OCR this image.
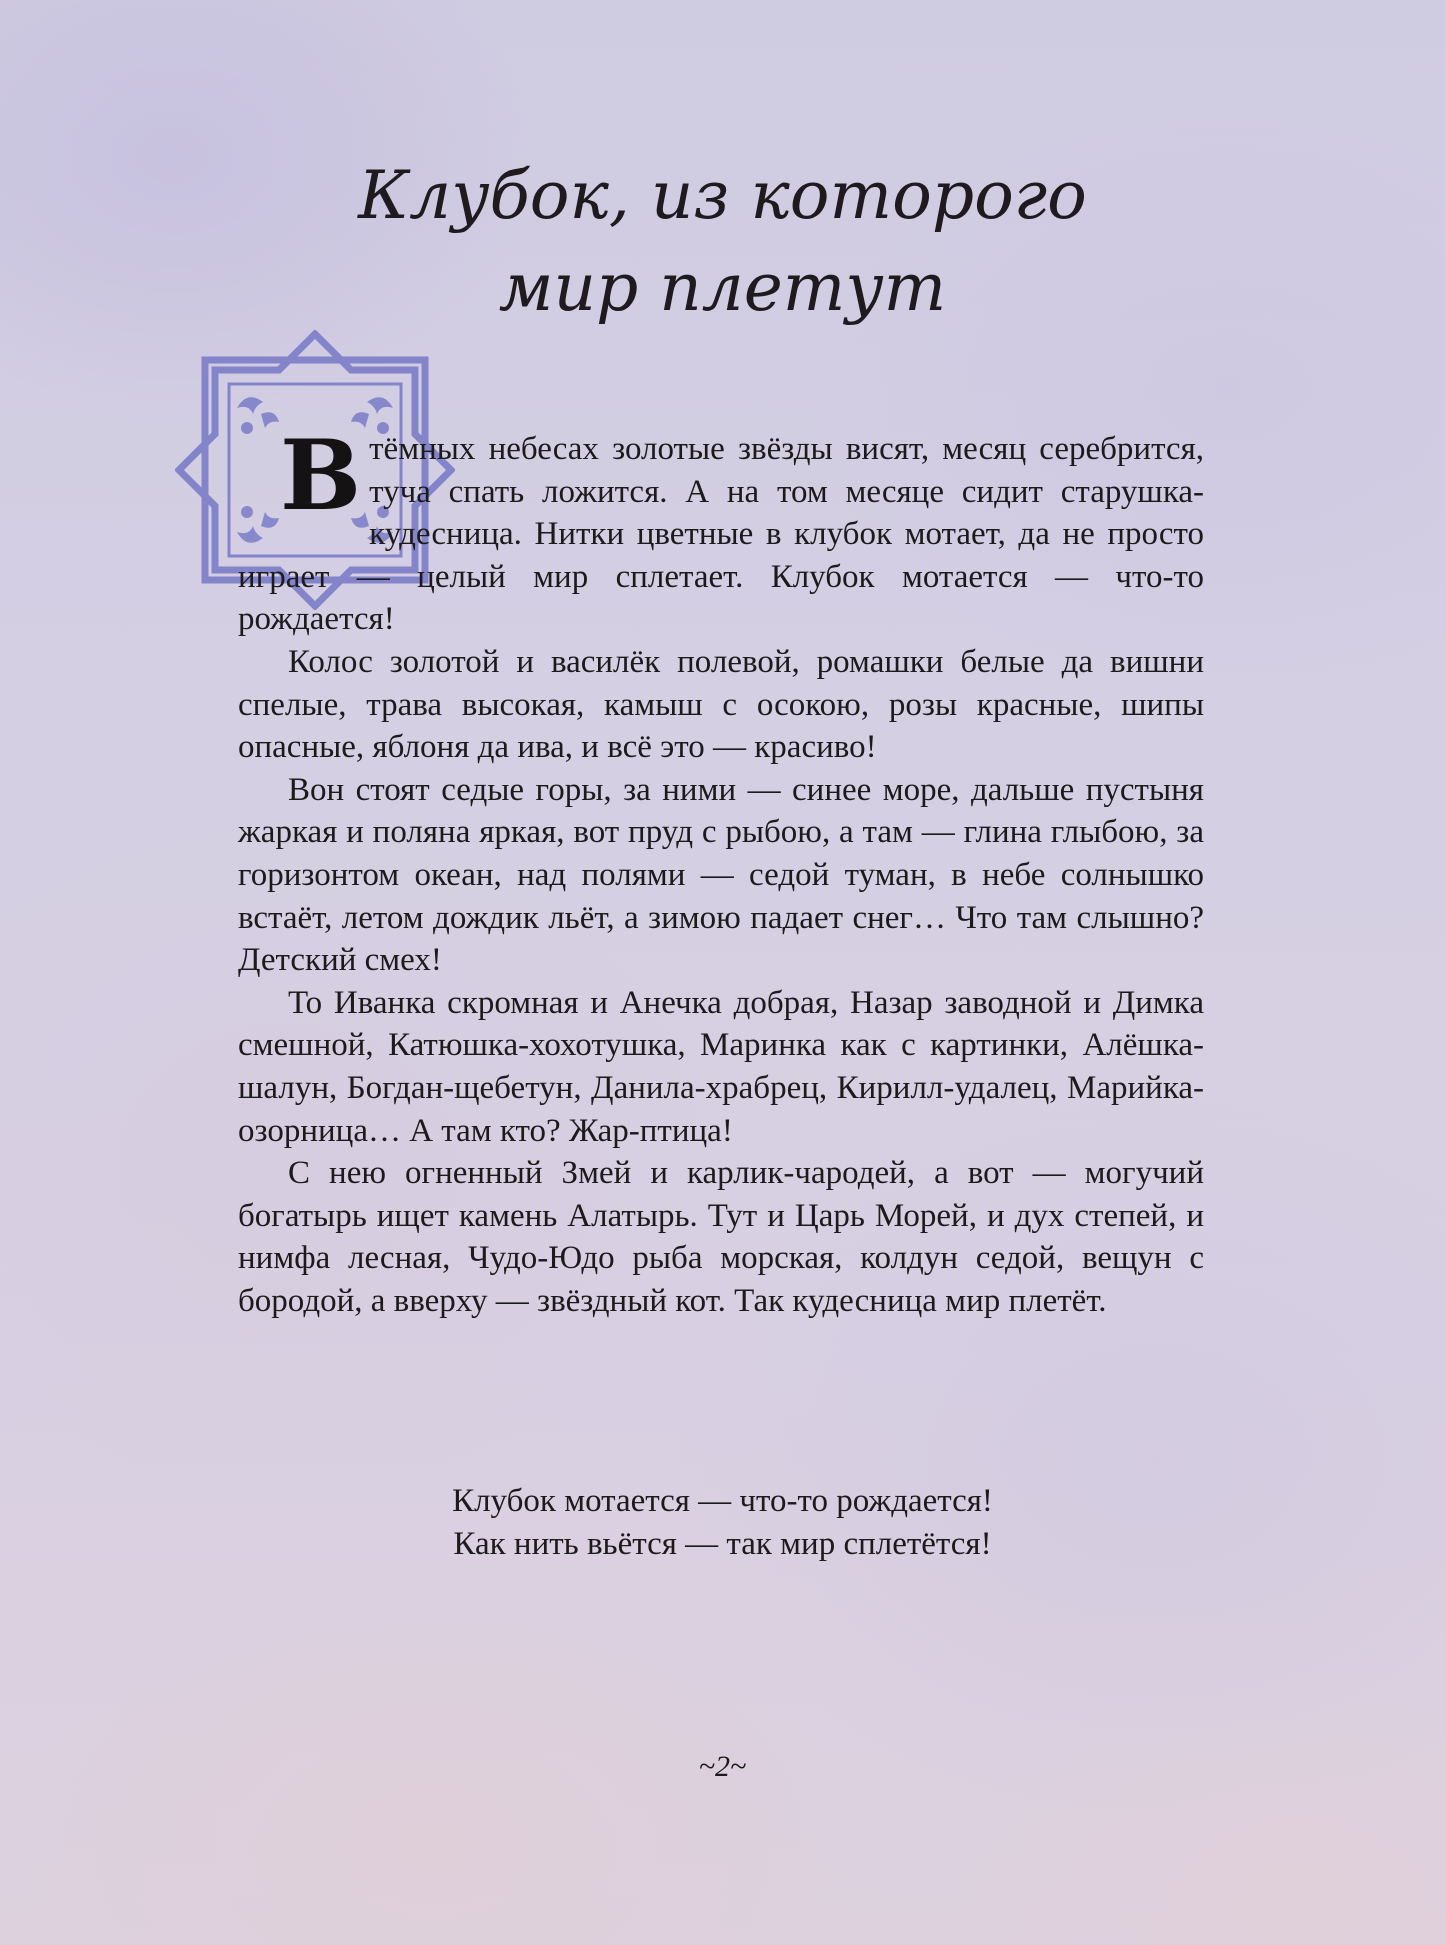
Клубок, из которого
мир плетут

В тёмных небесах золотые звёзды висят, месяц серебрится, туча спать ложится. А на том месяце сидит старушка-кудесница. Нитки цветные в клубок мотает, да не просто играет — целый мир сплетает. Клубок мотается — что-то рождается!

Колос золотой и василёк полевой, ромашки белые да вишни спелые, трава высокая, камыш с осокою, розы красные, шипы опасные, яблоня да ива, и всё это — красиво!

Вон стоят седые горы, за ними — синее море, дальше пустыня жаркая и поляна яркая, вот пруд с рыбою, а там — глина глыбою, за горизонтом океан, над полями — седой туман, в небе солнышко встаёт, летом дождик льёт, а зимою падает снег… Что там слышно? Детский смех!

То Иванка скромная и Анечка добрая, Назар заводной и Димка смешной, Катюшка-хохотушка, Маринка как с картинки, Алёшка-шалун, Богдан-щебетун, Данила-храбрец, Кирилл-удалец, Марийка-озорница… А там кто? Жар-птица!

С нею огненный Змей и карлик-чародей, а вот — могучий богатырь ищет камень Алатырь. Тут и Царь Морей, и дух степей, и нимфа лесная, Чудо-Юдо рыба морская, колдун седой, вещун с бородой, а вверху — звёздный кот. Так кудесница мир плетёт.

Клубок мотается — что-то рождается!
Как нить вьётся — так мир сплетётся!
~2~
